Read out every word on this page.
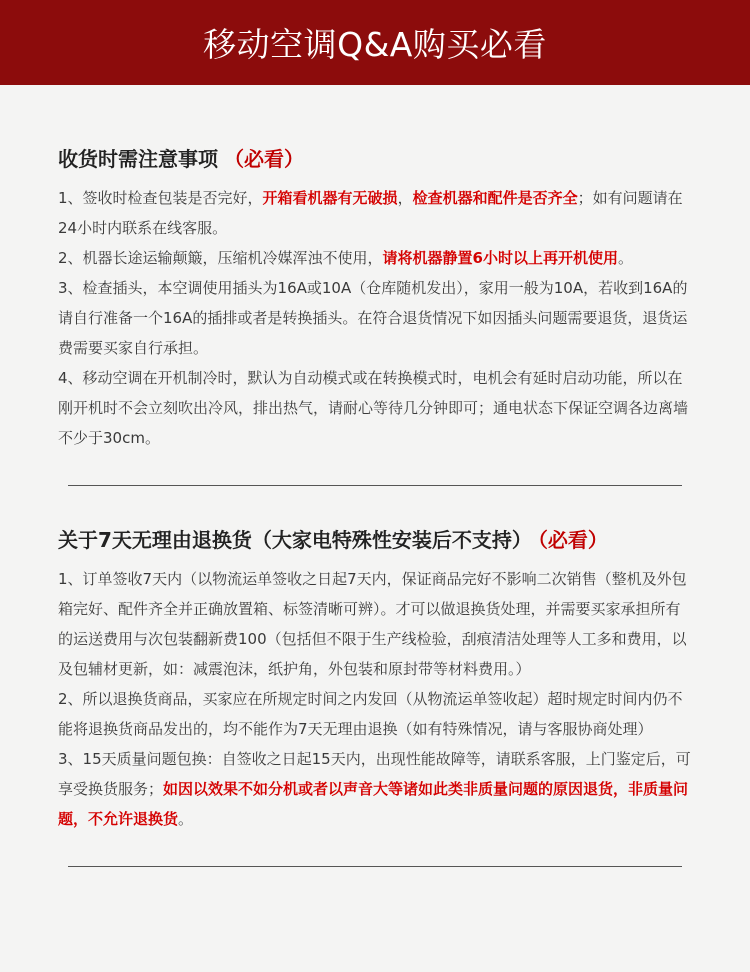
移动空调Q&A购买必看
收货时需注意事项 （必看）

1、签收时检查包装是否完好，开箱看机器有无破损，检查机器和配件是否齐全；如有问题请在24小时内联系在线客服。

2、机器长途运输颠簸，压缩机冷媒浑浊不使用，请将机器静置6小时以上再开机使用。

3、检查插头，本空调使用插头为16A或10A（仓库随机发出），家用一般为10A，若收到16A的请自行准备一个16A的插排或者是转换插头。在符合退货情况下如因插头问题需要退货，退货运费需要买家自行承担。

4、移动空调在开机制冷时，默认为自动模式或在转换模式时，电机会有延时启动功能，所以在刚开机时不会立刻吹出冷风，排出热气，请耐心等待几分钟即可；通电状态下保证空调各边离墙不少于30cm。

关于7天无理由退换货（大家电特殊性安装后不支持） （必看）

1、订单签收7天内（以物流运单签收之日起7天内，保证商品完好不影响二次销售（整机及外包箱完好、配件齐全并正确放置箱、标签清晰可辨）。才可以做退换货处理，并需要买家承担所有的运送费用与次包装翻新费100（包括但不限于生产线检验，刮痕清洁处理等人工多和费用，以及包辅材更新，如：减震泡沫，纸护角，外包装和原封带等材料费用。）

2、所以退换货商品，买家应在所规定时间之内发回（从物流运单签收起）超时规定时间内仍不能将退换货商品发出的，均不能作为7天无理由退换（如有特殊情况，请与客服协商处理）

3、15天质量问题包换：自签收之日起15天内，出现性能故障等，请联系客服，上门鉴定后，可享受换货服务；如因以效果不如分机或者以声音大等诸如此类非质量问题的原因退货，非质量问题，不允许退换货。
